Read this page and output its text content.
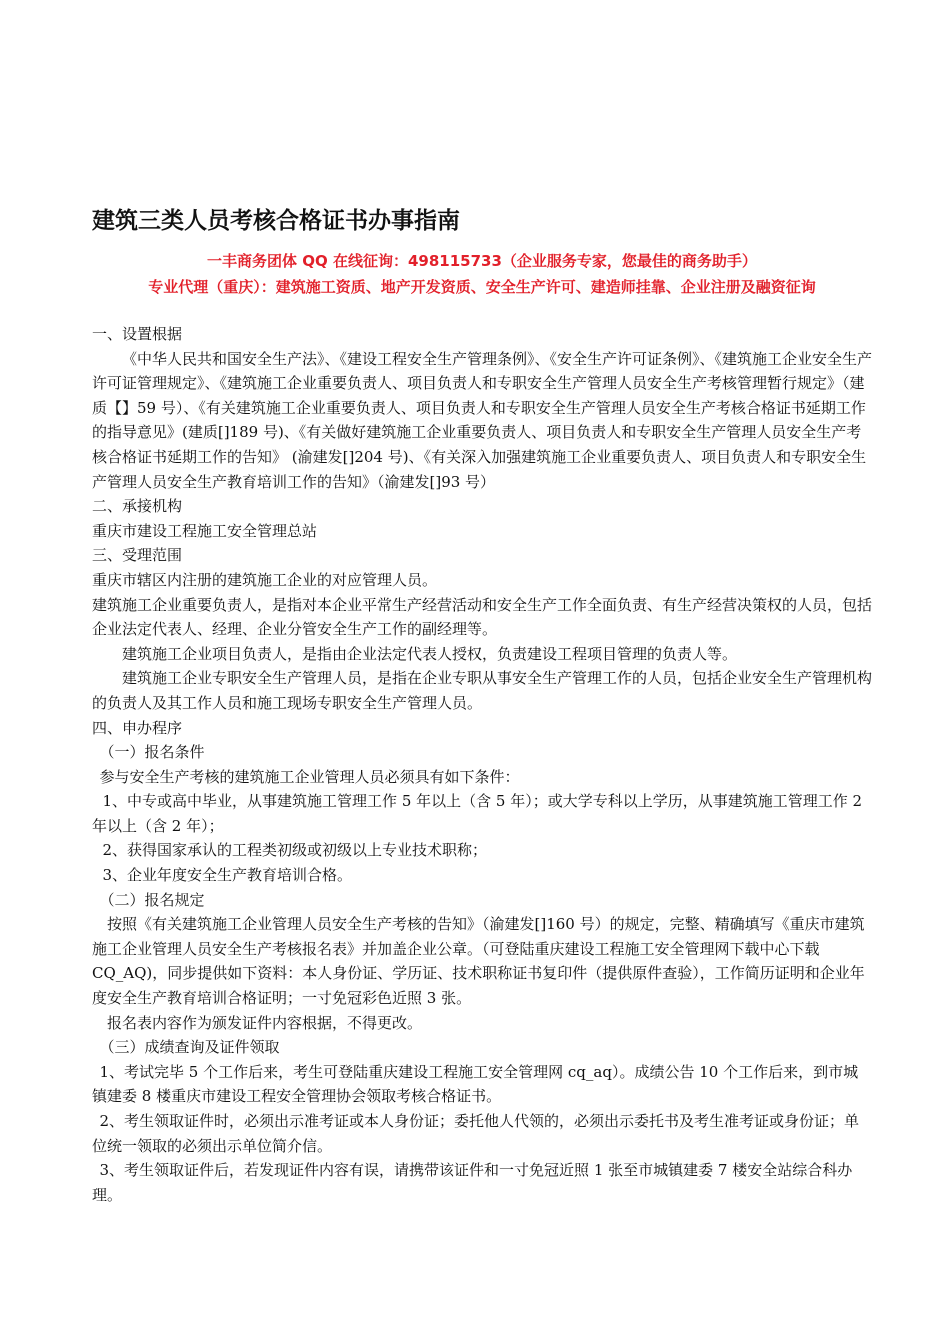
建筑三类人员考核合格证书办事指南
一丰商务团体 QQ 在线征询：498115733（企业服务专家，您最佳的商务助手）
专业代理（重庆）：建筑施工资质、地产开发资质、安全生产许可、建造师挂靠、企业注册及融资征询

一、设置根据

《中华人民共和国安全生产法》、《建设工程安全生产管理条例》、《安全生产许可证条例》、《建筑施工企业安全生产许可证管理规定》、《建筑施工企业重要负责人、项目负责人和专职安全生产管理人员安全生产考核管理暂行规定》（建质【】59 号）、《有关建筑施工企业重要负责人、项目负责人和专职安全生产管理人员安全生产考核合格证书延期工作的指导意见》(建质[]189 号)、《有关做好建筑施工企业重要负责人、项目负责人和专职安全生产管理人员安全生产考核合格证书延期工作的告知》 (渝建发[]204 号)、《有关深入加强建筑施工企业重要负责人、项目负责人和专职安全生产管理人员安全生产教育培训工作的告知》（渝建发[]93 号）

二、承接机构

重庆市建设工程施工安全管理总站

三、受理范围

重庆市辖区内注册的建筑施工企业的对应管理人员。

建筑施工企业重要负责人，是指对本企业平常生产经营活动和安全生产工作全面负责、有生产经营决策权的人员，包括企业法定代表人、经理、企业分管安全生产工作的副经理等。

建筑施工企业项目负责人，是指由企业法定代表人授权，负责建设工程项目管理的负责人等。

建筑施工企业专职安全生产管理人员，是指在企业专职从事安全生产管理工作的人员，包括企业安全生产管理机构的负责人及其工作人员和施工现场专职安全生产管理人员。

四、申办程序

（一）报名条件

参与安全生产考核的建筑施工企业管理人员必须具有如下条件：

1、中专或高中毕业，从事建筑施工管理工作 5 年以上（含 5 年）；或大学专科以上学历，从事建筑施工管理工作 2 年以上（含 2 年）；

2、获得国家承认的工程类初级或初级以上专业技术职称；

3、企业年度安全生产教育培训合格。

（二）报名规定

按照《有关建筑施工企业管理人员安全生产考核的告知》（渝建发[]160 号）的规定，完整、精确填写《重庆市建筑施工企业管理人员安全生产考核报名表》并加盖企业公章。（可登陆重庆建设工程施工安全管理网下载中心下载 CQ_AQ)，同步提供如下资料：本人身份证、学历证、技术职称证书复印件（提供原件查验），工作简历证明和企业年度安全生产教育培训合格证明；一寸免冠彩色近照 3 张。

报名表内容作为颁发证件内容根据，不得更改。

（三）成绩查询及证件领取

1、考试完毕 5 个工作后来，考生可登陆重庆建设工程施工安全管理网 cq_aq）。成绩公告 10 个工作后来，到市城镇建委 8 楼重庆市建设工程安全管理协会领取考核合格证书。

2、考生领取证件时，必须出示准考证或本人身份证；委托他人代领的，必须出示委托书及考生准考证或身份证；单位统一领取的必须出示单位简介信。

3、考生领取证件后，若发现证件内容有误，请携带该证件和一寸免冠近照 1 张至市城镇建委 7 楼安全站综合科办理。
